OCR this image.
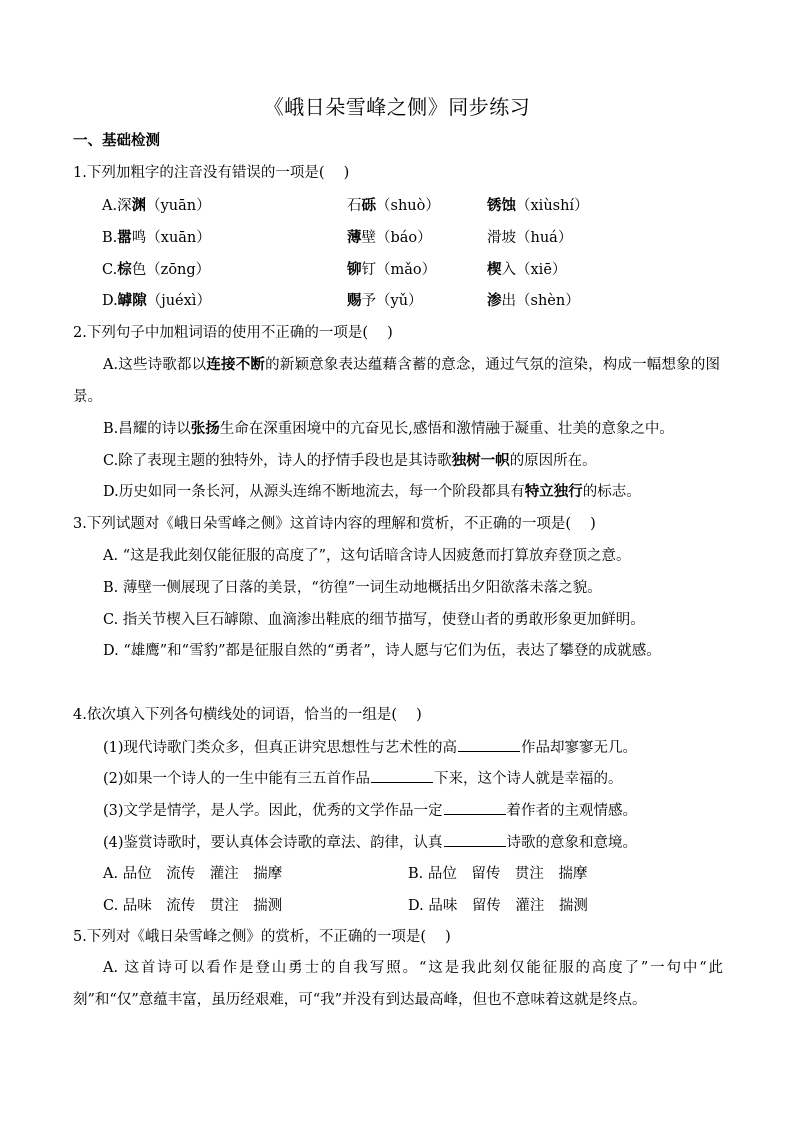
《峨日朵雪峰之侧》同步练习
一、基础检测
1.下列加粗字的注音没有错误的一项是(　 )
A.深渊（yuān）	石砾（shuò）	锈蚀（xiùshí）
B.嚣鸣（xuān）	薄壁（báo）	滑坡（huá）
C.棕色（zōng）	铆钉（mǎo）	楔入（xiē）
D.罅隙（juéxì）	赐予（yǔ）	渗出（shèn）
2.下列句子中加粗词语的使用不正确的一项是(　 )
A.这些诗歌都以连接不断的新颖意象表达蕴藉含蓄的意念，通过气氛的渲染，构成一幅想象的图景。
B.昌耀的诗以张扬生命在深重困境中的亢奋见长,感悟和激情融于凝重、壮美的意象之中。
C.除了表现主题的独特外，诗人的抒情手段也是其诗歌独树一帜的原因所在。
D.历史如同一条长河，从源头连绵不断地流去，每一个阶段都具有特立独行的标志。
3.下列试题对《峨日朵雪峰之侧》这首诗内容的理解和赏析，不正确的一项是(　 )
A. “这是我此刻仅能征服的高度了”，这句话暗含诗人因疲惫而打算放弃登顶之意。
B. 薄壁一侧展现了日落的美景，“彷徨”一词生动地概括出夕阳欲落未落之貌。
C. 指关节楔入巨石罅隙、血滴渗出鞋底的细节描写，使登山者的勇敢形象更加鲜明。
D. “雄鹰”和“雪豹”都是征服自然的“勇者”，诗人愿与它们为伍，表达了攀登的成就感。
4.依次填入下列各句横线处的词语，恰当的一组是(　 )
(1)现代诗歌门类众多，但真正讲究思想性与艺术性的高	作品却寥寥无几。
(2)如果一个诗人的一生中能有三五首作品	下来，这个诗人就是幸福的。
(3)文学是情学，是人学。因此，优秀的文学作品一定	着作者的主观情感。
(4)鉴赏诗歌时，要认真体会诗歌的章法、韵律，认真	诗歌的意象和意境。
A. 品位　流传　灌注　揣摩	B. 品位　留传　贯注　揣摩
C. 品味　流传　贯注　揣测	D. 品味　留传　灌注　揣测
5.下列对《峨日朵雪峰之侧》的赏析，不正确的一项是(　 )
A. 这首诗可以看作是登山勇士的自我写照。“这是我此刻仅能征服的高度了”一句中“此刻”和“仅”意蕴丰富，虽历经艰难，可“我”并没有到达最高峰，但也不意味着这就是终点。
